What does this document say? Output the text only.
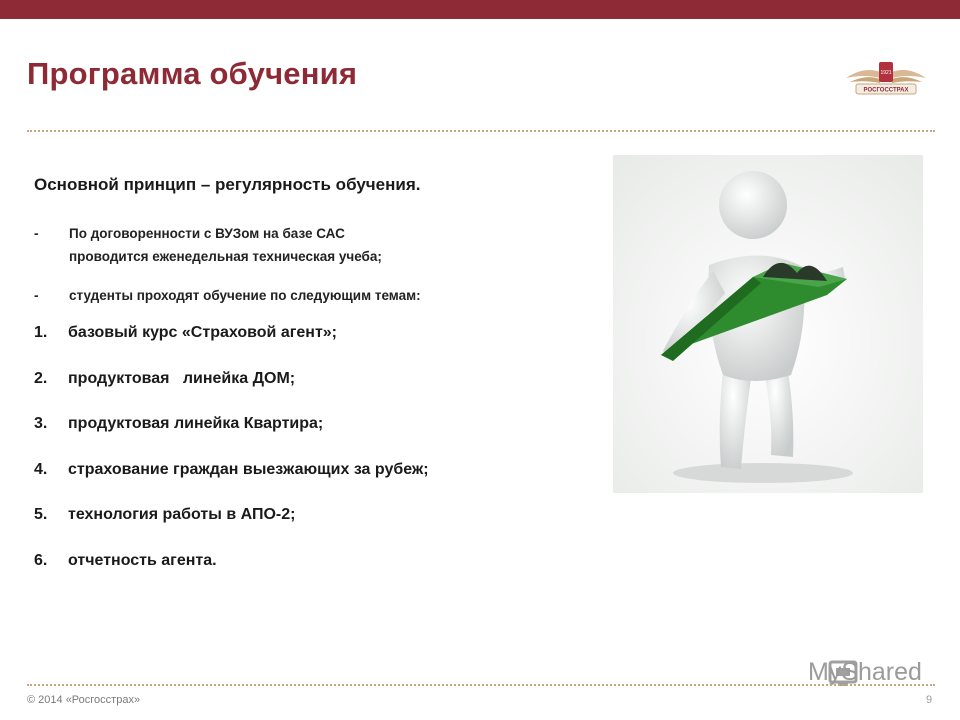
Программа обучения	1921
РОСГОССТРАХ

Основной принцип – регулярность обучения.

- По договоренности с ВУЗом на базе САС
проводится еженедельная техническая учеба;
- студенты проходят обучение по следующим темам:
1. базовый курс «Страховой агент»;
2. продуктовая   линейка ДОМ;
3. продуктовая линейка Квартира;
4. страхование граждан выезжающих за рубеж;
5. технология работы в АПО-2;
6. отчетность агента.
MyShared
© 2014 «Росгосстрах»	9
